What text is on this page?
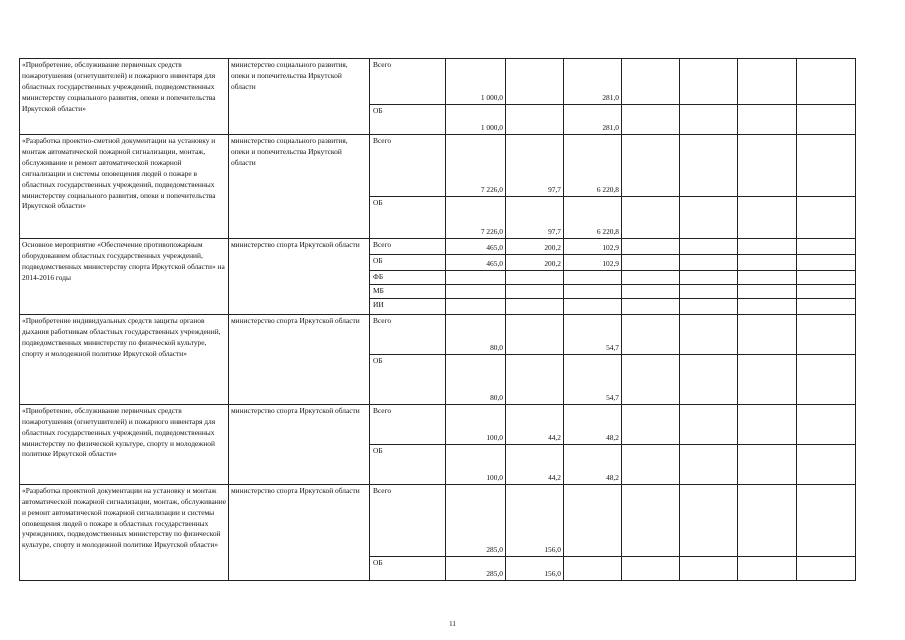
«Приобретение, обслуживание первичных средств пожаротушения (огнетушителей) и пожарного инвентаря для областных государственных учреждений, подведомственных министерству социального развития, опеки и попечительства Иркутской области»	министерство социального развития, опеки и попечительства Иркутской области	Всего	1 000,0		281,0				
		ОБ	1 000,0		281,0				
«Разработка проектно-сметной документации на установку и монтаж автоматической пожарной сигнализации, монтаж, обслуживание и ремонт автоматической пожарной сигнализации и системы оповещения людей о пожаре в областных государственных учреждений, подведомственных министерству социального развития, опеки и попечительства Иркутской области»	министерство социального развития, опеки и попечительства Иркутской области	Всего	7 226,0	97,7	6 220,8				
		ОБ	7 226,0	97,7	6 220,8				
Основное мероприятие «Обеспечение противопожарным оборудованием областных государственных учреждений, подведомственных министерству спорта Иркутской области» на 2014-2016 годы	министерство спорта Иркутской области	Всего	465,0	200,2	102,9				
		ОБ	465,0	200,2	102,9				
		ФБ							
		МБ							
		ИИ							
«Приобретение индивидуальных средств защиты органов дыхания работникам областных государственных учреждений, подведомственных министерству по физической культуре, спорту и молодежной политике Иркутской области»	министерство спорта Иркутской области	Всего	80,0		54,7				
		ОБ	80,0		54,7				
«Приобретение, обслуживание первичных средств пожаротушения (огнетушителей) и пожарного инвентаря для областных государственных учреждений, подведомственных министерству по физической культуре, спорту и молодежной политике Иркутской области»	министерство спорта Иркутской области	Всего	100,0	44,2	48,2				
		ОБ	100,0	44,2	48,2				
«Разработка проектной документации на установку и монтаж автоматической пожарной сигнализации, монтаж, обслуживание и ремонт автоматической пожарной сигнализации и системы оповещения людей о пожаре в областных государственных учреждениях, подведомственных министерству по физической культуре, спорту и молодежной политике Иркутской области»	министерство спорта Иркутской области	Всего	285,0	156,0					
		ОБ	285,0	156,0					
11
